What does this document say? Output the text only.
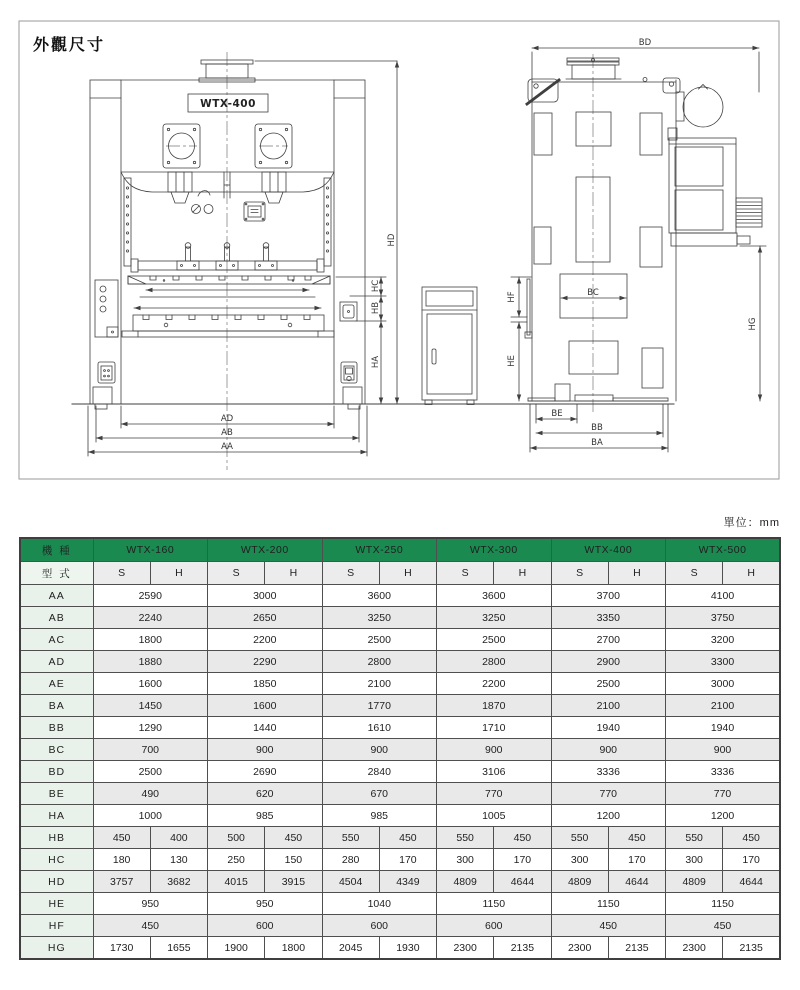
WTX-400
AD
AB
AA
HD
HC
HB
HA
BD
BC
HF
HE
HG
BE
BB
BA
外觀尺寸
單位：mm
機 種	WTX-160		WTX-200		WTX-250		WTX-300		WTX-400		WTX-500	
型 式	S	H	S	H	S	H	S	H	S	H	S	H
AA	2590		3000		3600		3600		3700		4100	
AB	2240		2650		3250		3250		3350		3750	
AC	1800		2200		2500		2500		2700		3200	
AD	1880		2290		2800		2800		2900		3300	
AE	1600		1850		2100		2200		2500		3000	
BA	1450		1600		1770		1870		2100		2100	
BB	1290		1440		1610		1710		1940		1940	
BC	700		900		900		900		900		900	
BD	2500		2690		2840		3106		3336		3336	
BE	490		620		670		770		770		770	
HA	1000		985		985		1005		1200		1200	
HB	450	400	500	450	550	450	550	450	550	450	550	450
HC	180	130	250	150	280	170	300	170	300	170	300	170
HD	3757	3682	4015	3915	4504	4349	4809	4644	4809	4644	4809	4644
HE	950		950		1040		1150		1150		1150	
HF	450		600		600		600		450		450	
HG	1730	1655	1900	1800	2045	1930	2300	2135	2300	2135	2300	2135
